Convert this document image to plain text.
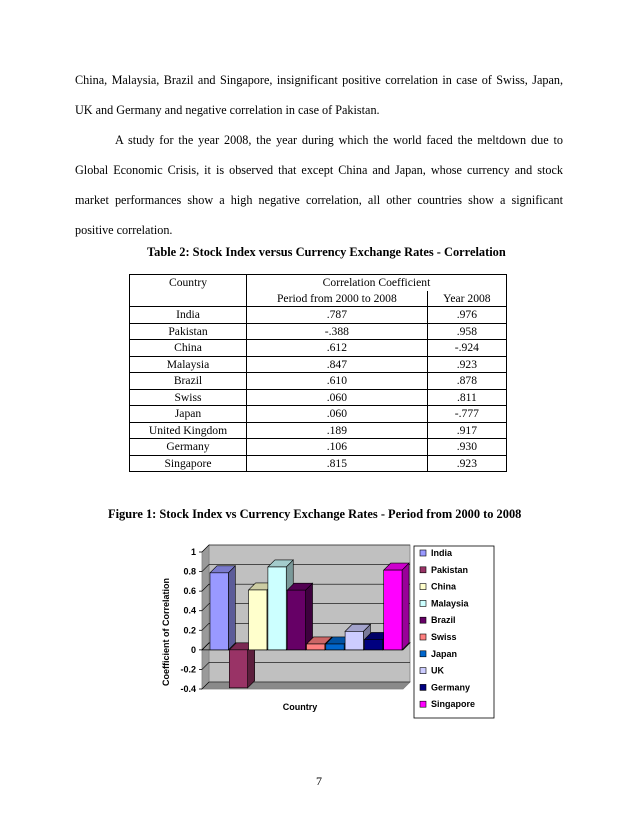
China, Malaysia, Brazil and Singapore, insignificant positive correlation in case of Swiss, Japan,

UK and Germany and negative correlation in case of Pakistan.

A study for the year 2008, the year during which the world faced the meltdown due to Global Economic Crisis, it is observed that except China and Japan, whose currency and stock market performances show a high negative correlation, all other countries show a significant positive correlation.

Table 2: Stock Index versus Currency Exchange Rates - Correlation
Country	Correlation Coefficient	
	Period from 2000 to 2008	Year 2008
India	.787	.976
Pakistan	-.388	.958
China	.612	-.924
Malaysia	.847	.923
Brazil	.610	.878
Swiss	.060	.811
Japan	.060	-.777
United Kingdom	.189	.917
Germany	.106	.930
Singapore	.815	.923
Figure 1: Stock Index vs Currency Exchange Rates - Period from 2000 to 2008
1
0.8
0.6
0.4
0.2
0
-0.2
-0.4
Coefficient of Correlation
Country
India
Pakistan
China
Malaysia
Brazil
Swiss
Japan
UK
Germany
Singapore
7
